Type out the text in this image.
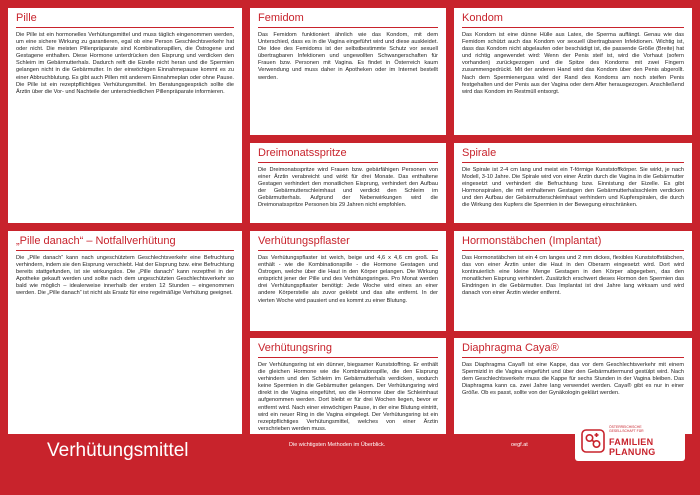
Pille

Die Pille ist ein hormonelles Verhütungsmittel und muss täglich eingenommen werden, um eine sichere Wirkung zu garantieren, egal ob eine Person Geschlechtsverkehr hat oder nicht. Die meisten Pillenpräparate sind Kombinationspillen, die Östrogene und Gestagene enthalten. Diese Hormone unterdrücken den Eisprung und verdicken den Schleim im Gebärmutterhals. Dadurch reift die Eizelle nicht heran und die Spermien gelangen nicht in die Gebärmutter. In der einwöchigen Einnahmepause kommt es zu einer Abbruchblutung. Es gibt auch Pillen mit anderem Einnahmeplan oder ohne Pause. Die Pille ist ein rezeptpflichtiges Verhütungsmittel. Im Beratungsgespräch sollte die Ärztin über die Vor- und Nachteile der unterschiedlichen Pillenpräparate informieren.

Femidom

Das Femidom funktioniert ähnlich wie das Kondom, mit dem Unterschied, dass es in die Vagina eingeführt wird und diese auskleidet. Die Idee des Femidoms ist der selbstbestimmte Schutz vor sexuell übertragbaren Infektionen und ungewollten Schwangerschaften für Frauen bzw. Personen mit Vagina. Es findet in Österreich kaum Verwendung und muss daher in Apotheken oder im Internet bestellt werden.

Kondom

Das Kondom ist eine dünne Hülle aus Latex, die Sperma auffängt. Genau wie das Femidom schützt auch das Kondom vor sexuell übertragbaren Infektionen. Wichtig ist, dass das Kondom nicht abgelaufen oder beschädigt ist, die passende Größe (Breite) hat und richtig angewendet wird: Wenn der Penis steif ist, wird die Vorhaut (sofern vorhanden) zurückgezogen und die Spitze des Kondoms mit zwei Fingern zusammengedrückt. Mit der anderen Hand wird das Kondom über den Penis abgerollt. Nach dem Spermienerguss wird der Rand des Kondoms am noch steifen Penis festgehalten und der Penis aus der Vagina oder dem After herausgezogen. Anschließend wird das Kondom im Restmüll entsorgt.

Dreimonatsspritze

Die Dreimonatsspritze wird Frauen bzw. gebärfähigen Personen von einer Ärztin verabreicht und wirkt für drei Monate. Das enthaltene Gestagen verhindert den monatlichen Eisprung, verhindert den Aufbau der Gebärmutterschleimhaut und verdickt den Schleim im Gebärmutterhals. Aufgrund der Nebenwirkungen wird die Dreimonatsspritze Personen bis 29 Jahren nicht empfohlen.

Spirale

Die Spirale ist 2-4 cm lang und meist ein T-förmige Kunststoffkörper. Sie wirkt, je nach Modell, 3-10 Jahre. Die Spirale wird von einer Ärztin durch die Vagina in die Gebärmutter eingesetzt und verhindert die Befruchtung bzw. Einnistung der Eizelle. Es gibt Hormonspiralen, die mit enthaltenen Gestagen den Gebärmutterhalsschleim verdicken und den Aufbau der Gebärmutterschleimhaut verhindern und Kupferspiralen, die durch die Wirkung des Kupfers die Spermien in der Bewegung einschränken.

„Pille danach“ – Notfallverhütung

Die „Pille danach“ kann nach ungeschütztem Geschlechtsverkehr eine Befruchtung verhindern, indem sie den Eisprung verschiebt. Hat der Eisprung bzw. eine Befruchtung bereits stattgefunden, ist sie wirkungslos. Die „Pille danach“ kann rezeptfrei in der Apotheke gekauft werden und sollte nach dem ungeschützten Geschlechtsverkehr so bald wie möglich – idealerweise innerhalb der ersten 12 Stunden – eingenommen werden. Die „Pille danach“ ist nicht als Ersatz für eine regelmäßige Verhütung geeignet.

Verhütungspflaster

Das Verhütungspflaster ist weich, beige und 4,6 x 4,6 cm groß. Es enthält - wie die Kombinationspille - die Hormone Gestagen und Östrogen, welche über die Haut in den Körper gelangen. Die Wirkung entspricht jener der Pille und des Verhütungsringes. Pro Monat werden drei Verhütungspflaster benötigt: Jede Woche wird eines an einer andere Körperstelle als zuvor geklebt und das alte entfernt. In der vierten Woche wird pausiert und es kommt zu einer Blutung.

Hormonstäbchen (Implantat)

Das Hormonstäbchen ist ein 4 cm langes und 2 mm dickes, flexibles Kunststoffstäbchen, das von einer Ärztin unter die Haut in den Oberarm eingesetzt wird. Dort wird kontinuierlich eine kleine Menge Gestagen in den Körper abgegeben, das den monatlichen Eisprung verhindert. Zusätzlich erschwert dieses Hormon den Spermien das Eindringen in die Gebärmutter. Das Implantat ist drei Jahre lang wirksam und wird danach von einer Ärztin wieder entfernt.

Verhütungsring

Der Verhütungsring ist ein dünner, biegsamer Kunststoffring. Er enthält die gleichen Hormone wie die Kombinationspille, die den Eisprung verhindern und den Schleim im Gebärmutterhals verdicken, wodurch keine Spermien in die Gebärmutter gelangen. Der Verhütungsring wird direkt in die Vagina eingeführt, wo die Hormone über die Schleimhaut aufgenommen werden. Dort bleibt er für drei Wochen liegen, bevor er entfernt wird. Nach einer einwöchigen Pause, in der eine Blutung eintritt, wird ein neuer Ring in die Vagina eingelegt. Der Verhütungsring ist ein rezeptpflichtiges Verhütungsmittel, welches von einer Ärztin verschrieben werden muss.

Diaphragma Caya®

Das Diaphragma Caya® ist eine Kappe, das vor dem Geschlechtsverkehr mit einem Spermizid in die Vagina eingeführt und über den Gebärmuttermund gestülpt wird. Nach dem Geschlechtsverkehr muss die Kappe für sechs Stunden in der Vagina bleiben. Das Diaphragma kann ca. zwei Jahre lang verwendet werden. Caya® gibt es nur in einer Größe. Ob es passt, sollte von der Gynäkologin geklärt werden.

Verhütungsmittel	Die wichtigsten Methoden im Überblick.	oegf.at
ÖSTERREICHISCHE
GESELLSCHAFT FÜR
FAMILIEN
PLANUNG
